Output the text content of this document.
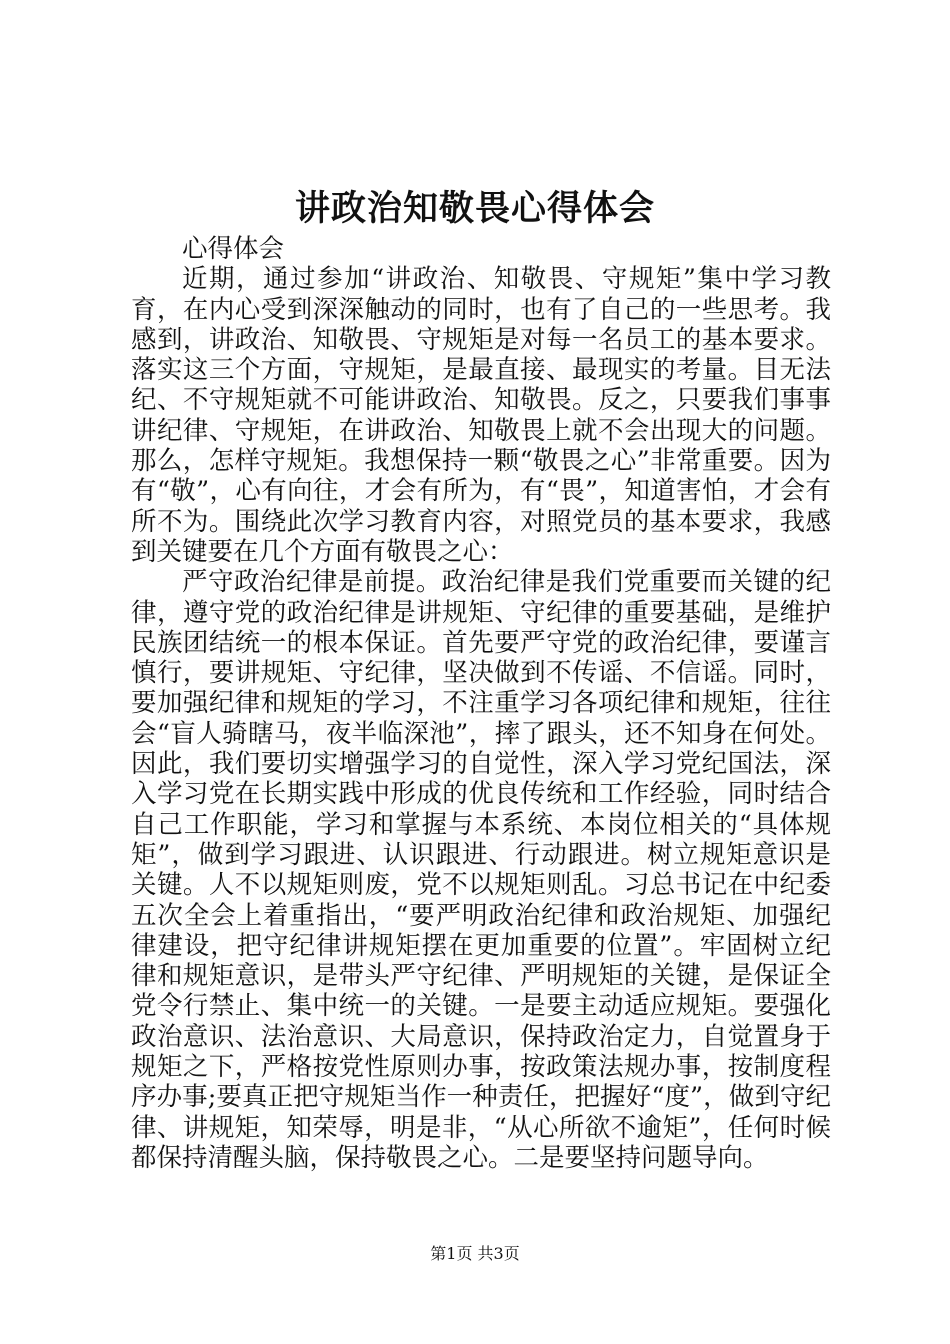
讲政治知敬畏心得体会

心得体会

近期，通过参加“讲政治、知敬畏、守规矩”集中学习教育，在内心受到深深触动的同时，也有了自己的一些思考。我感到，讲政治、知敬畏、守规矩是对每一名员工的基本要求。落实这三个方面，守规矩，是最直接、最现实的考量。目无法纪、不守规矩就不可能讲政治、知敬畏。反之，只要我们事事讲纪律、守规矩，在讲政治、知敬畏上就不会出现大的问题。那么，怎样守规矩。我想保持一颗“敬畏之心”非常重要。因为有“敬”，心有向往，才会有所为，有“畏”，知道害怕，才会有所不为。围绕此次学习教育内容，对照党员的基本要求，我感到关键要在几个方面有敬畏之心：

严守政治纪律是前提。政治纪律是我们党重要而关键的纪律，遵守党的政治纪律是讲规矩、守纪律的重要基础，是维护民族团结统一的根本保证。首先要严守党的政治纪律，要谨言慎行，要讲规矩、守纪律，坚决做到不传谣、不信谣。同时，要加强纪律和规矩的学习，不注重学习各项纪律和规矩，往往会“盲人骑瞎马，夜半临深池”，摔了跟头，还不知身在何处。因此，我们要切实增强学习的自觉性，深入学习党纪国法，深入学习党在长期实践中形成的优良传统和工作经验，同时结合自己工作职能，学习和掌握与本系统、本岗位相关的“具体规矩”，做到学习跟进、认识跟进、行动跟进。树立规矩意识是关键。人不以规矩则废，党不以规矩则乱。习总书记在中纪委五次全会上着重指出，“要严明政治纪律和政治规矩、加强纪律建设，把守纪律讲规矩摆在更加重要的位置”。牢固树立纪律和规矩意识，是带头严守纪律、严明规矩的关键，是保证全党令行禁止、集中统一的关键。一是要主动适应规矩。要强化政治意识、法治意识、大局意识，保持政治定力，自觉置身于规矩之下，严格按党性原则办事，按政策法规办事，按制度程序办事;要真正把守规矩当作一种责任，把握好“度”，做到守纪律、讲规矩，知荣辱，明是非，“从心所欲不逾矩”，任何时候都保持清醒头脑，保持敬畏之心。二是要坚持问题导向。

第1页 共3页
